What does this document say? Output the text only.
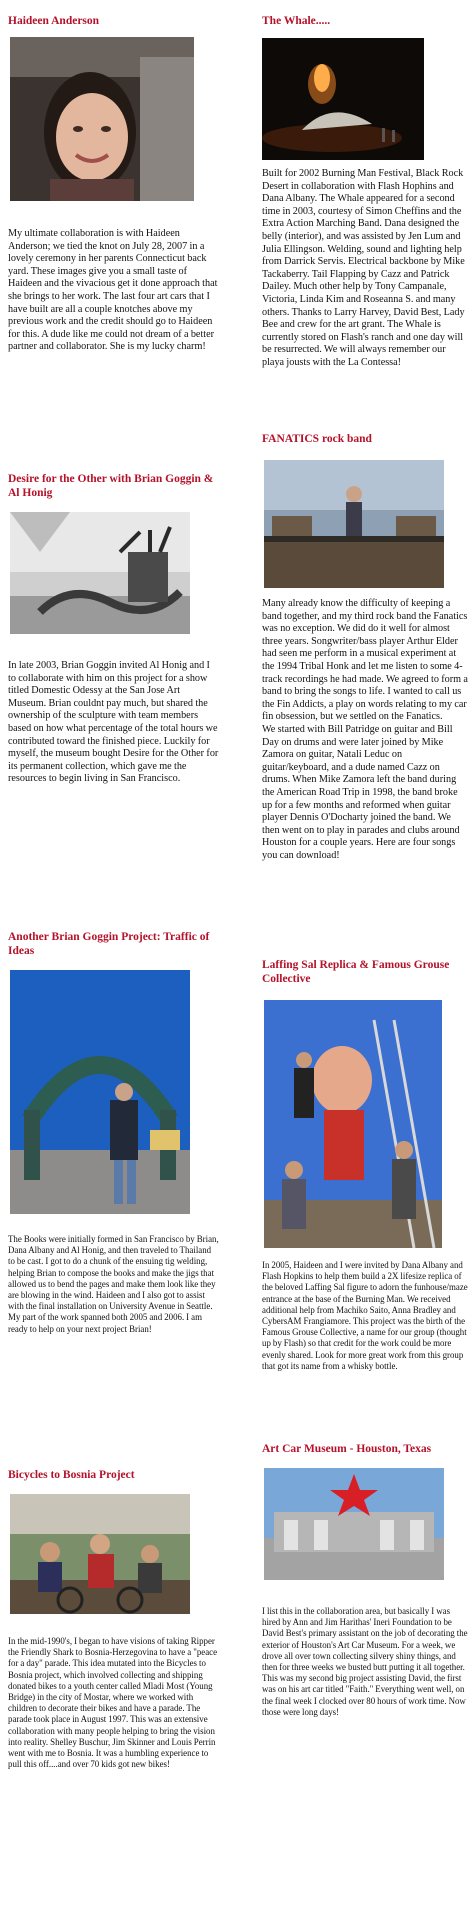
Haideen Anderson

My ultimate collaboration is with Haideen Anderson; we tied the knot on July 28, 2007 in a lovely ceremony in her parents Connecticut back yard. These images give you a small taste of Haideen and the vivacious get it done approach that she brings to her work. The last four art cars that I have built are all a couple knotches above my previous work and the credit should go to Haideen for this. A dude like me could not dream of a better partner and collaborator. She is my lucky charm!

Desire for the Other with Brian Goggin & Al Honig

In late 2003, Brian Goggin invited Al Honig and I to collaborate with him on this project for a show titled Domestic Odessy at the San Jose Art Museum. Brian couldnt pay much, but shared the ownership of the sculpture with team members based on how what percentage of the total hours we contributed toward the finished piece. Luckily for myself, the museum bought Desire for the Other for its permanent collection, which gave me the resources to begin living in San Francisco.

Another Brian Goggin Project: Traffic of Ideas

The Books were initially formed in San Francisco by Brian, Dana Albany and Al Honig, and then traveled to Thailand to be cast. I got to do a chunk of the ensuing tig welding, helping Brian to compose the books and make the jigs that allowed us to bend the pages and make them look like they are blowing in the wind. Haideen and I also got to assist with the final installation on University Avenue in Seattle. My part of the work spanned both 2005 and 2006. I am ready to help on your next project Brian!

Bicycles to Bosnia Project

In the mid-1990's, I began to have visions of taking Ripper the Friendly Shark to Bosnia-Herzegovina to have a "peace for a day" parade. This idea mutated into the Bicycles to Bosnia project, which involved collecting and shipping donated bikes to a youth center called Mladi Most (Young Bridge) in the city of Mostar, where we worked with children to decorate their bikes and have a parade. The parade took place in August 1997. This was an extensive collaboration with many people helping to bring the vision into reality. Shelley Buschur, Jim Skinner and Louis Perrin went with me to Bosnia. It was a humbling experience to pull this off....and over 70 kids got new bikes!

The Whale.....

Built for 2002 Burning Man Festival, Black Rock Desert in collaboration with Flash Hophins and Dana Albany. The Whale appeared for a second time in 2003, courtesy of Simon Cheffins and the Extra Action Marching Band. Dana designed the belly (interior), and was assisted by Jen Lum and Julia Ellingson. Welding, sound and lighting help from Darrick Servis. Electrical backbone by Mike Tackaberry. Tail Flapping by Cazz and Patrick Dailey. Much other help by Tony Campanale, Victoria, Linda Kim and Roseanna S. and many others. Thanks to Larry Harvey, David Best, Lady Bee and crew for the art grant. The Whale is currently stored on Flash's ranch and one day will be resurrected. We will always remember our playa jousts with the La Contessa!

FANATICS rock band

Many already know the difficulty of keeping a band together, and my third rock band the Fanatics was no exception. We did do it well for almost three years. Songwriter/bass player Arthur Elder had seen me perform in a musical experiment at the 1994 Tribal Honk and let me listen to some 4-track recordings he had made. We agreed to form a band to bring the songs to life. I wanted to call us the Fin Addicts, a play on words relating to my car fin obsession, but we settled on the Fanatics.

We started with Bill Patridge on guitar and Bill Day on drums and were later joined by Mike Zamora on guitar, Natali Leduc on guitar/keyboard, and a dude named Cazz on drums. When Mike Zamora left the band during the American Road Trip in 1998, the band broke up for a few months and reformed when guitar player Dennis O'Docharty joined the band. We then went on to play in parades and clubs around Houston for a couple years. Here are four songs you can download!

Laffing Sal Replica & Famous Grouse Collective

In 2005, Haideen and I were invited by Dana Albany and Flash Hopkins to help them build a 2X lifesize replica of the beloved Laffing Sal figure to adorn the funhouse/maze entrance at the base of the Burning Man. We received additional help from Machiko Saito, Anna Bradley and CybersAM Frangiamore. This project was the birth of the Famous Grouse Collective, a name for our group (thought up by Flash) so that credit for the work could be more evenly shared. Look for more great work from this group that got its name from a whisky bottle.

Art Car Museum - Houston, Texas

I list this in the collaboration area, but basically I was hired by Ann and Jim Harithas' Ineri Foundation to be David Best's primary assistant on the job of decorating the exterior of Houston's Art Car Museum. For a week, we drove all over town collecting silvery shiny things, and then for three weeks we busted butt putting it all together. This was my second big project assisting David, the first was on his art car titled "Faith." Everything went well, on the final week I clocked over 80 hours of work time. Now those were long days!
